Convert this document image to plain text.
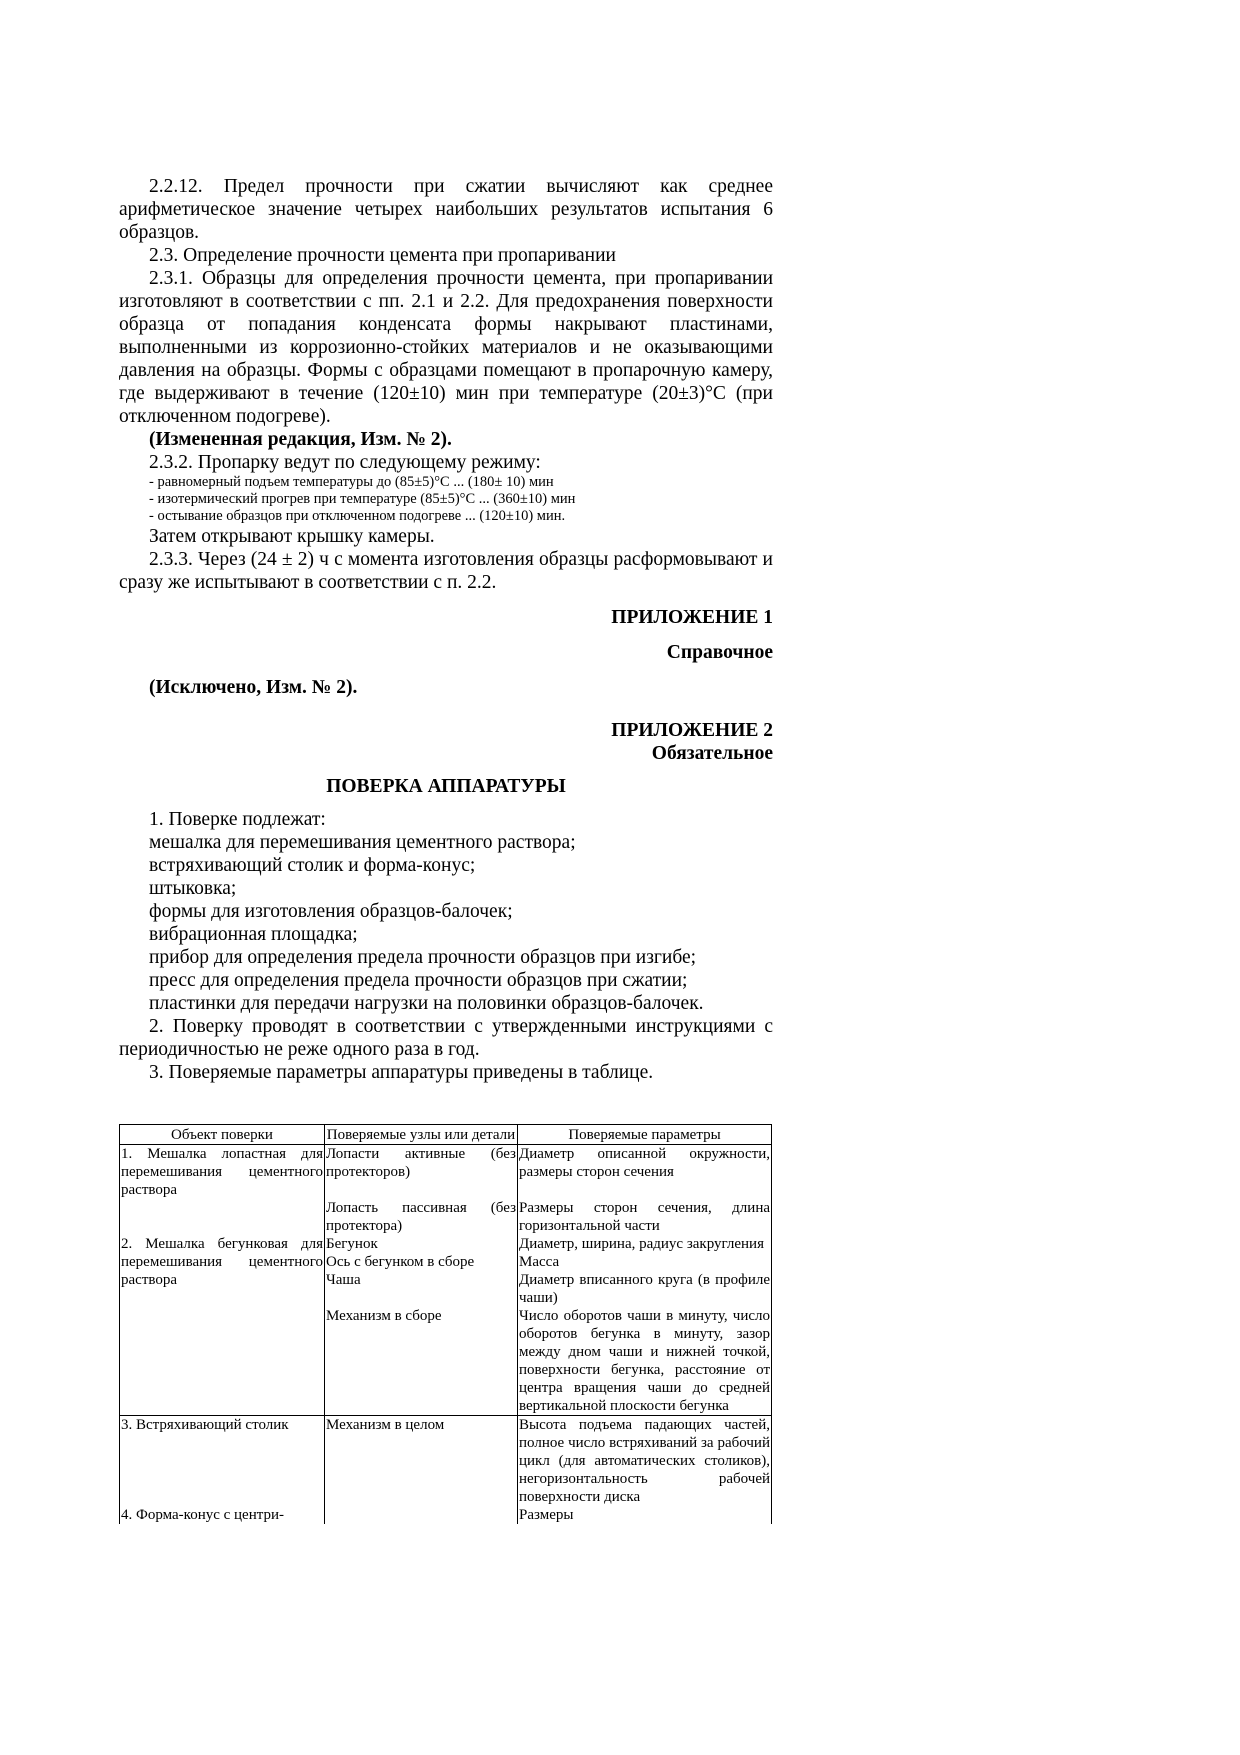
2.2.12. Предел прочности при сжатии вычисляют как среднее арифметическое значение четырех наибольших результатов испытания 6 образцов.

2.3. Определение прочности цемента при пропаривании

2.3.1. Образцы для определения прочности цемента, при пропаривании изготовляют в соответствии с пп. 2.1 и 2.2. Для предохранения поверхности образца от попадания конденсата формы накрывают пластинами, выполненными из коррозионно-стойких материалов и не оказывающими давления на образцы. Формы с образцами помещают в пропарочную камеру, где выдерживают в течение (120±10) мин при температуре (20±3)°С (при отключенном подогреве).

(Измененная редакция, Изм. № 2).

2.3.2. Пропарку ведут по следующему режиму:

- равномерный подъем температуры до (85±5)°С ... (180± 10) мин

- изотермический прогрев при температуре (85±5)°С ... (360±10) мин

- остывание образцов при отключенном подогреве ... (120±10) мин.

Затем открывают крышку камеры.

2.3.3. Через (24 ± 2) ч с момента изготовления образцы расформовывают и сразу же испытывают в соответствии с п. 2.2.

ПРИЛОЖЕНИЕ 1

Справочное

(Исключено, Изм. № 2).

ПРИЛОЖЕНИЕ 2

Обязательное

ПОВЕРКА АППАРАТУРЫ

1. Поверке подлежат:

мешалка для перемешивания цементного раствора;

встряхивающий столик и форма-конус;

штыковка;

формы для изготовления образцов-балочек;

вибрационная площадка;

прибор для определения предела прочности образцов при изгибе;

пресс для определения предела прочности образцов при сжатии;

пластинки для передачи нагрузки на половинки образцов-балочек.

2. Поверку проводят в соответствии с утвержденными инструкциями с периодичностью не реже одного раза в год.

3. Поверяемые параметры аппаратуры приведены в таблице.

Объект поверки	Поверяемые узлы или детали	Поверяемые параметры
1. Мешалка лопастная для перемешивания цементного раствора	Лопасти активные (без протекторов)	Диаметр описанной окружности, размеры сторон сечения
	Лопасть пассивная (без протектора)	Размеры сторон сечения, длина горизонтальной части
2. Мешалка бегунковая для перемешивания цементного раствора	Бегунок	Диаметр, ширина, радиус закругления
	Ось с бегунком в сборе	Масса
	Чаша	Диаметр вписанного круга (в профиле чаши)
	Механизм в сборе	Число оборотов чаши в минуту, число оборотов бегунка в минуту, зазор между дном чаши и нижней точкой, поверхности бегунка, расстояние от центра вращения чаши до средней вертикальной плоскости бегунка
3. Встряхивающий столик	Механизм в целом	Высота подъема падающих частей, полное число встряхиваний за рабочий цикл (для автоматических столиков), негоризонтальность рабочей поверхности диска
4. Форма-конус с центри-		Размеры
